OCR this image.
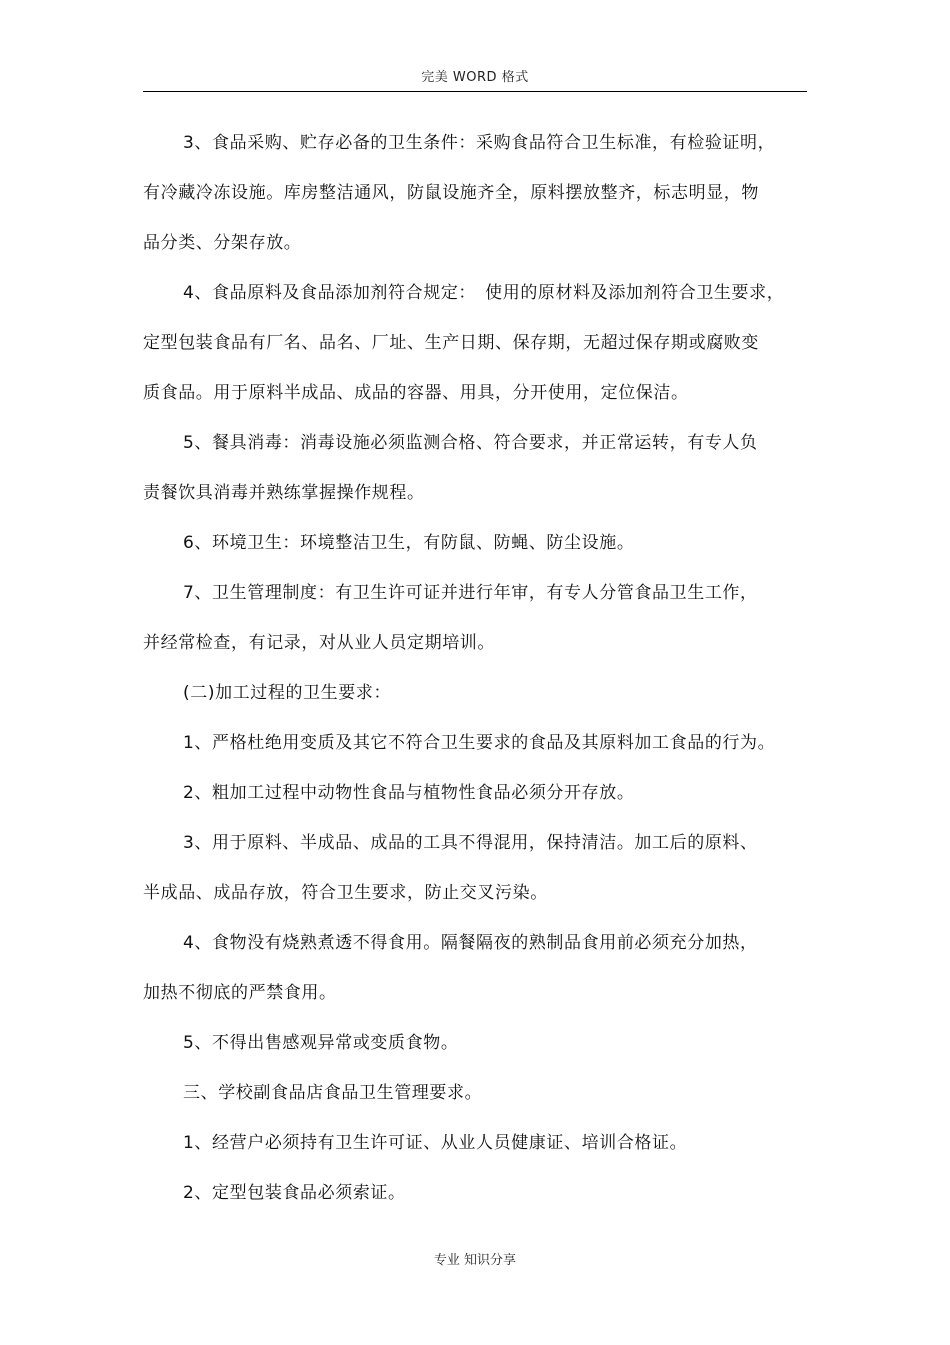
完美 WORD 格式

3、食品采购、贮存必备的卫生条件：采购食品符合卫生标准，有检验证明，

有冷藏冷冻设施。库房整洁通风，防鼠设施齐全，原料摆放整齐，标志明显，物

品分类、分架存放。

4、食品原料及食品添加剂符合规定：　使用的原材料及添加剂符合卫生要求，

定型包装食品有厂名、品名、厂址、生产日期、保存期，无超过保存期或腐败变

质食品。用于原料半成品、成品的容器、用具，分开使用，定位保洁。

5、餐具消毒：消毒设施必须监测合格、符合要求，并正常运转，有专人负

责餐饮具消毒并熟练掌握操作规程。

6、环境卫生：环境整洁卫生，有防鼠、防蝇、防尘设施。

7、卫生管理制度：有卫生许可证并进行年审，有专人分管食品卫生工作，

并经常检查，有记录，对从业人员定期培训。

(二)加工过程的卫生要求：

1、严格杜绝用变质及其它不符合卫生要求的食品及其原料加工食品的行为。

2、粗加工过程中动物性食品与植物性食品必须分开存放。

3、用于原料、半成品、成品的工具不得混用，保持清洁。加工后的原料、

半成品、成品存放，符合卫生要求，防止交叉污染。

4、食物没有烧熟煮透不得食用。隔餐隔夜的熟制品食用前必须充分加热，

加热不彻底的严禁食用。

5、不得出售感观异常或变质食物。

三、学校副食品店食品卫生管理要求。

1、经营户必须持有卫生许可证、从业人员健康证、培训合格证。

2、定型包装食品必须索证。

专业 知识分享
